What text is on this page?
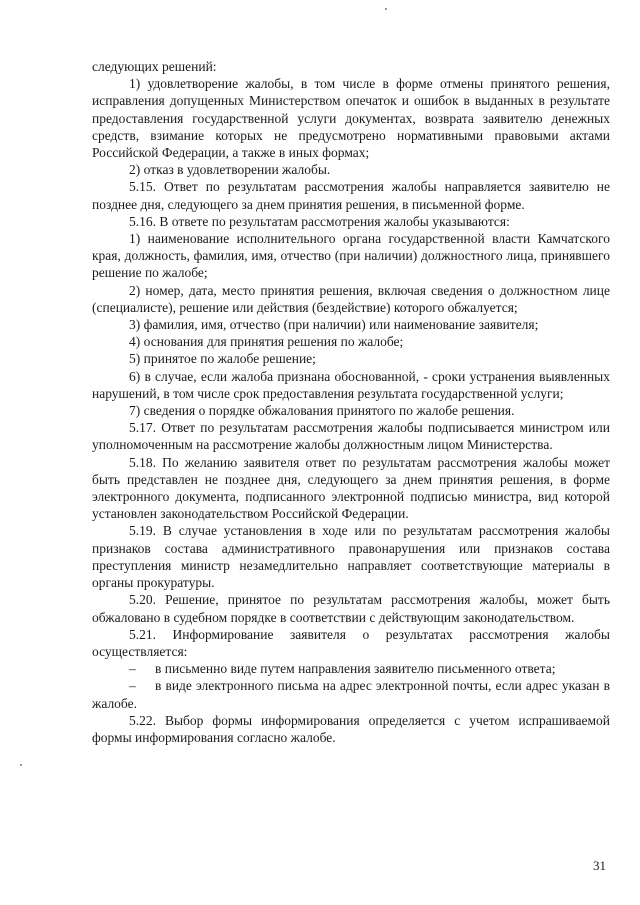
следующих решений:

1) удовлетворение жалобы, в том числе в форме отмены принятого решения, исправления допущенных Министерством опечаток и ошибок в выданных в результате предоставления государственной услуги документах, возврата заявителю денежных средств, взимание которых не предусмотрено нормативными правовыми актами Российской Федерации, а также в иных формах;

2) отказ в удовлетворении жалобы.

5.15. Ответ по результатам рассмотрения жалобы направляется заявителю не позднее дня, следующего за днем принятия решения, в письменной форме.

5.16. В ответе по результатам рассмотрения жалобы указываются:

1) наименование исполнительного органа государственной власти Камчатского края, должность, фамилия, имя, отчество (при наличии) должностного лица, принявшего решение по жалобе;

2) номер, дата, место принятия решения, включая сведения о должностном лице (специалисте), решение или действия (бездействие) которого обжалуется;

3) фамилия, имя, отчество (при наличии) или наименование заявителя;

4) основания для принятия решения по жалобе;

5) принятое по жалобе решение;

6) в случае, если жалоба признана обоснованной, - сроки устранения выявленных нарушений, в том числе срок предоставления результата государственной услуги;

7) сведения о порядке обжалования принятого по жалобе решения.

5.17. Ответ по результатам рассмотрения жалобы подписывается министром или уполномоченным на рассмотрение жалобы должностным лицом Министерства.

5.18. По желанию заявителя ответ по результатам рассмотрения жалобы может быть представлен не позднее дня, следующего за днем принятия решения, в форме электронного документа, подписанного электронной подписью министра, вид которой установлен законодательством Российской Федерации.

5.19. В случае установления в ходе или по результатам рассмотрения жалобы признаков состава административного правонарушения или признаков состава преступления министр незамедлительно направляет соответствующие материалы в органы прокуратуры.

5.20. Решение, принятое по результатам рассмотрения жалобы, может быть обжаловано в судебном порядке в соответствии с действующим законодательством.

5.21. Информирование заявителя о результатах рассмотрения жалобы осуществляется:

– в письменно виде путем направления заявителю письменного ответа;

– в виде электронного письма на адрес электронной почты, если адрес указан в жалобе.

5.22. Выбор формы информирования определяется с учетом испрашиваемой формы информирования согласно жалобе.

31
